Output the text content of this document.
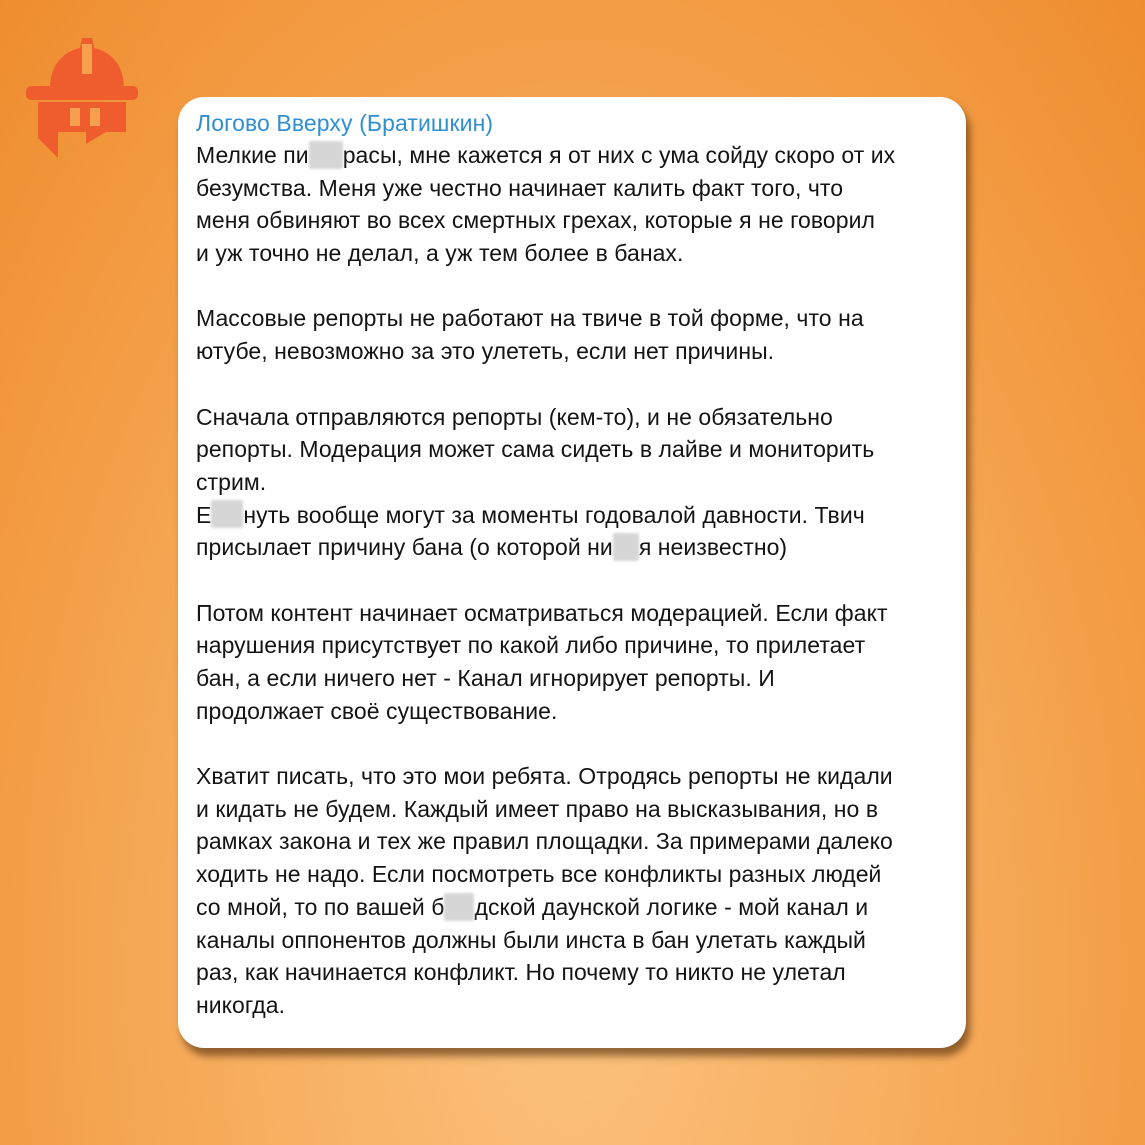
Логово Вверху (Братишкин)
Мелкие пи расы, мне кажется я от них с ума сойду скоро от их
безумства. Меня уже честно начинает калить факт того, что
меня обвиняют во всех смертных грехах, которые я не говорил
и уж точно не делал, а уж тем более в банах.
Массовые репорты не работают на твиче в той форме, что на
ютубе, невозможно за это улететь, если нет причины.
Сначала отправляются репорты (кем-то), и не обязательно
репорты. Модерация может сама сидеть в лайве и мониторить
стрим.
Е нуть вообще могут за моменты годовалой давности. Твич
присылает причину бана (о которой ни я неизвестно)
Потом контент начинает осматриваться модерацией. Если факт
нарушения присутствует по какой либо причине, то прилетает
бан, а если ничего нет - Канал игнорирует репорты. И
продолжает своё существование.
Хватит писать, что это мои ребята. Отродясь репорты не кидали
и кидать не будем. Каждый имеет право на высказывания, но в
рамках закона и тех же правил площадки. За примерами далеко
ходить не надо. Если посмотреть все конфликты разных людей
со мной, то по вашей б дской даунской логике - мой канал и
каналы оппонентов должны были инста в бан улетать каждый
раз, как начинается конфликт. Но почему то никто не улетал
никогда.
